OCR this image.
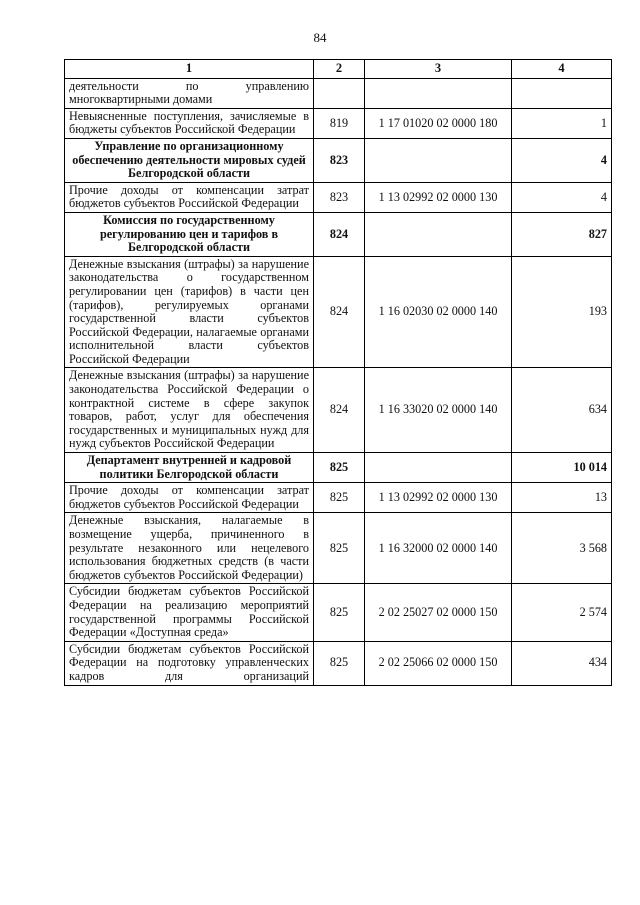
84
1	2	3	4
деятельности по управлению многоквартирными домами			
Невыясненные поступления, зачисляемые в бюджеты субъектов Российской Федерации	819	1 17 01020 02 0000 180	1
Управление по организационному обеспечению деятельности мировых судей Белгородской области	823		4
Прочие доходы от компенсации затрат бюджетов субъектов Российской Федерации	823	1 13 02992 02 0000 130	4
Комиссия по государственному регулированию цен и тарифов в Белгородской области	824		827
Денежные взыскания (штрафы) за нарушение законодательства о государственном регулировании цен (тарифов) в части цен (тарифов), регулируемых органами государственной власти субъектов Российской Федерации, налагаемые органами исполнительной власти субъектов Российской Федерации	824	1 16 02030 02 0000 140	193
Денежные взыскания (штрафы) за нарушение законодательства Российской Федерации о контрактной системе в сфере закупок товаров, работ, услуг для обеспечения государственных и муниципальных нужд для нужд субъектов Российской Федерации	824	1 16 33020 02 0000 140	634
Департамент внутренней и кадровой политики Белгородской области	825		10 014
Прочие доходы от компенсации затрат бюджетов субъектов Российской Федерации	825	1 13 02992 02 0000 130	13
Денежные взыскания, налагаемые в возмещение ущерба, причиненного в результате незаконного или нецелевого использования бюджетных средств (в части бюджетов субъектов Российской Федерации)	825	1 16 32000 02 0000 140	3 568
Субсидии бюджетам субъектов Российской Федерации на реализацию мероприятий государственной программы Российской Федерации «Доступная среда»	825	2 02 25027 02 0000 150	2 574
Субсидии бюджетам субъектов Российской Федерации на подготовку управленческих кадров для организаций	825	2 02 25066 02 0000 150	434
